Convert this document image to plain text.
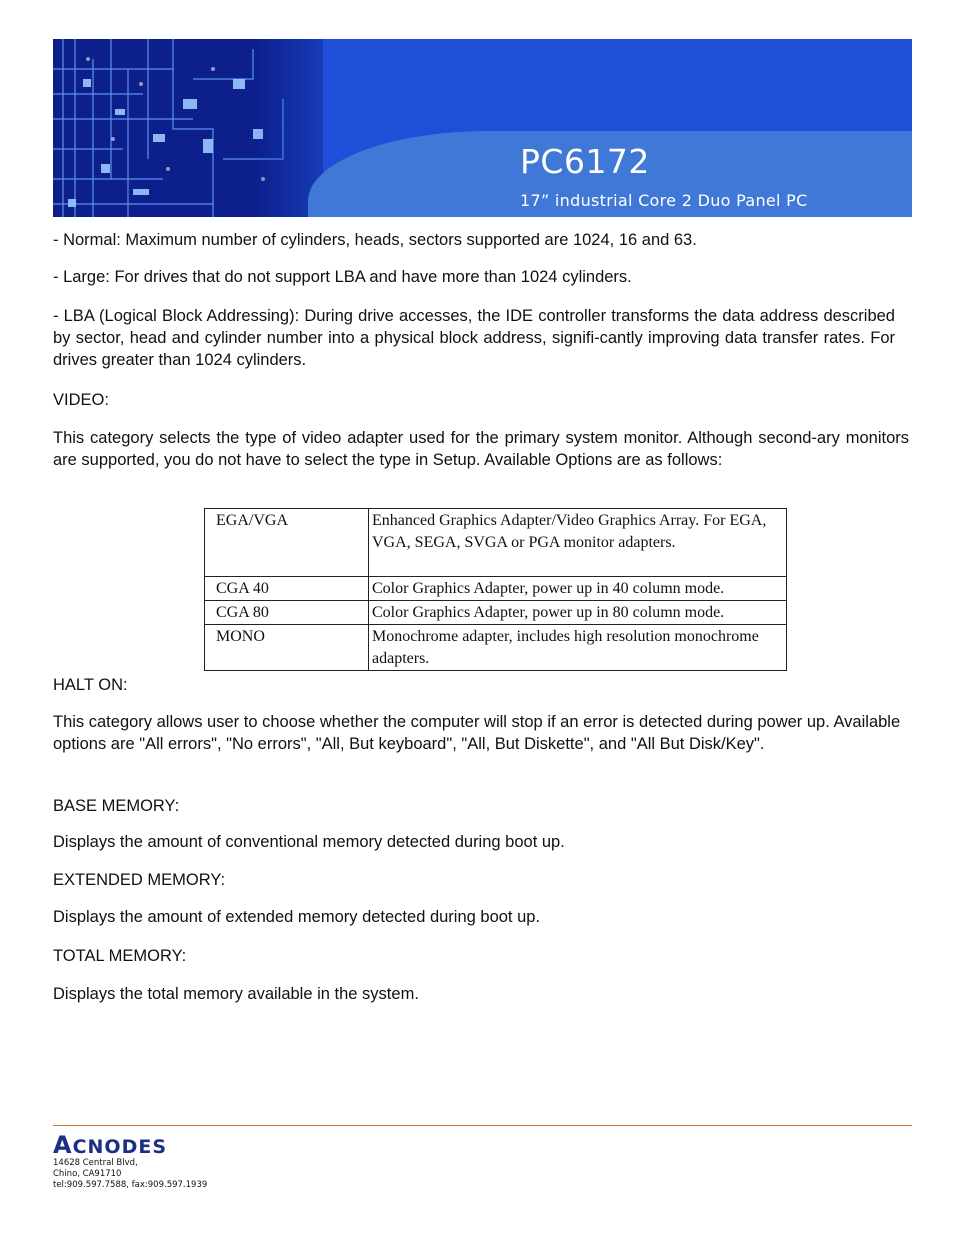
PC6172
17” industrial Core 2 Duo Panel PC
- Normal: Maximum number of cylinders, heads, sectors supported are 1024, 16 and 63.
- Large: For drives that do not support LBA and have more than 1024 cylinders.
- LBA (Logical Block Addressing): During drive accesses, the IDE controller transforms the data address described by sector, head and cylinder number into a physical block address, signifi-cantly improving data transfer rates. For drives greater than 1024 cylinders.
VIDEO:
This category selects the type of video adapter used for the primary system monitor. Although second-ary monitors are supported, you do not have to select the type in Setup. Available Options are as follows:
EGA/VGA	Enhanced Graphics Adapter/Video Graphics Array. For EGA, VGA, SEGA, SVGA or PGA monitor adapters.
CGA 40	Color Graphics Adapter, power up in 40 column mode.
CGA 80	Color Graphics Adapter, power up in 80 column mode.
MONO	Monochrome adapter, includes high resolution monochrome adapters.
HALT ON:
This category allows user to choose whether the computer will stop if an error is detected during power up. Available options are "All errors", "No errors", "All, But keyboard", "All, But Diskette", and "All But Disk/Key".
BASE MEMORY:
Displays the amount of conventional memory detected during boot up.
EXTENDED MEMORY:
Displays the amount of extended memory detected during boot up.
TOTAL MEMORY:
Displays the total memory available in the system.
ACNODES
14628 Central Blvd,
Chino, CA91710
tel:909.597.7588, fax:909.597.1939
